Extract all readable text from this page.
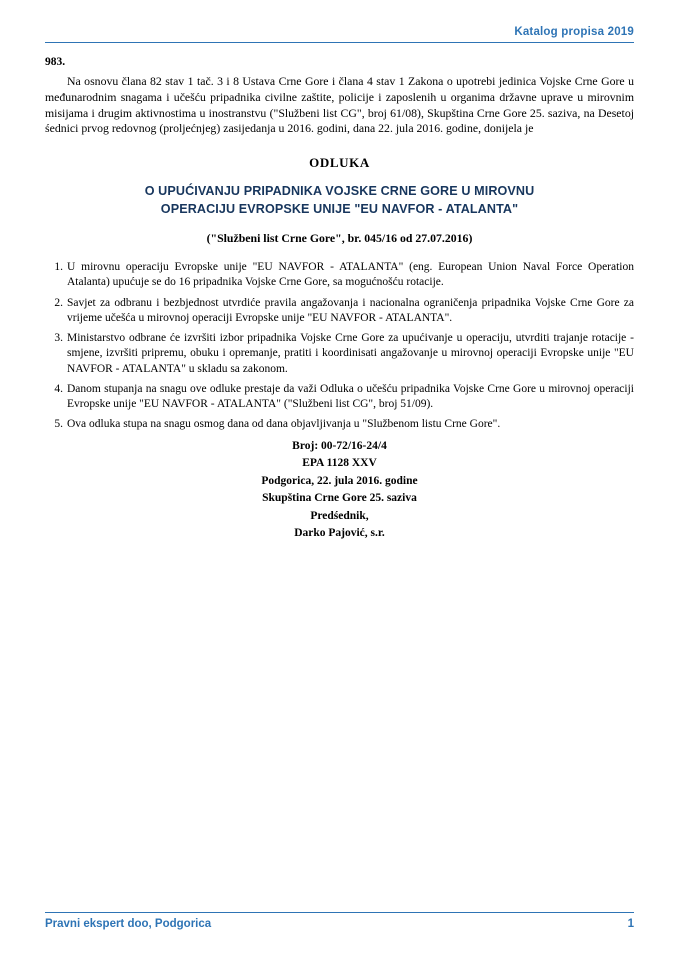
Katalog propisa 2019
983.
Na osnovu člana 82 stav 1 tač. 3 i 8 Ustava Crne Gore i člana 4 stav 1 Zakona o upotrebi jedinica Vojske Crne Gore u međunarodnim snagama i učešću pripadnika civilne zaštite, policije i zaposlenih u organima državne uprave u mirovnim misijama i drugim aktivnostima u inostranstvu ("Službeni list CG", broj 61/08), Skupština Crne Gore 25. saziva, na Desetoj śednici prvog redovnog (proljećnjeg) zasijedanja u 2016. godini, dana 22. jula 2016. godine, donijela je
ODLUKA
O UPUĆIVANJU PRIPADNIKA VOJSKE CRNE GORE U MIROVNU
OPERACIJU EVROPSKE UNIJE "EU NAVFOR - ATALANTA"
("Službeni list Crne Gore", br. 045/16 od 27.07.2016)
1. U mirovnu operaciju Evropske unije "EU NAVFOR - ATALANTA" (eng. European Union Naval Force Operation Atalanta) upućuje se do 16 pripadnika Vojske Crne Gore, sa mogućnošću rotacije.
2. Savjet za odbranu i bezbjednost utvrdiće pravila angažovanja i nacionalna ograničenja pripadnika Vojske Crne Gore za vrijeme učešća u mirovnoj operaciji Evropske unije "EU NAVFOR - ATALANTA".
3. Ministarstvo odbrane će izvršiti izbor pripadnika Vojske Crne Gore za upućivanje u operaciju, utvrditi trajanje rotacije - smjene, izvršiti pripremu, obuku i opremanje, pratiti i koordinisati angažovanje u mirovnoj operaciji Evropske unije "EU NAVFOR - ATALANTA" u skladu sa zakonom.
4. Danom stupanja na snagu ove odluke prestaje da važi Odluka o učešću pripadnika Vojske Crne Gore u mirovnoj operaciji Evropske unije "EU NAVFOR - ATALANTA" ("Službeni list CG", broj 51/09).
5. Ova odluka stupa na snagu osmog dana od dana objavljivanja u "Službenom listu Crne Gore".
Broj: 00-72/16-24/4
EPA 1128 XXV
Podgorica, 22. jula 2016. godine
Skupština Crne Gore 25. saziva
Predśednik,
Darko Pajović, s.r.
Pravni ekspert doo, Podgorica	1
